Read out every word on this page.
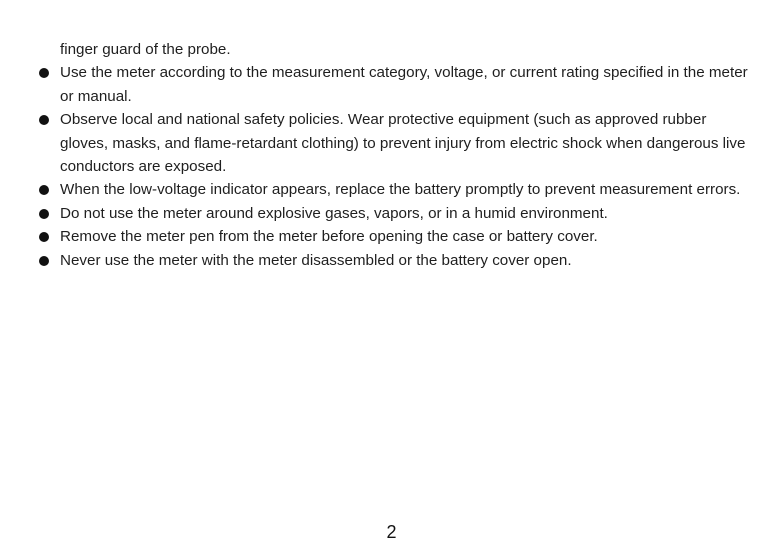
finger guard of the probe.

Use the meter according to the measurement category, voltage, or current rating specified in the meter or manual.
Observe local and national safety policies. Wear protective equipment (such as approved rubber gloves, masks, and flame-retardant clothing) to prevent injury from electric shock when dangerous live conductors are exposed.
When the low-voltage indicator appears, replace the battery promptly to prevent measurement errors.
Do not use the meter around explosive gases, vapors, or in a humid environment.
Remove the meter pen from the meter before opening the case or battery cover.
Never use the meter with the meter disassembled or the battery cover open.
2
